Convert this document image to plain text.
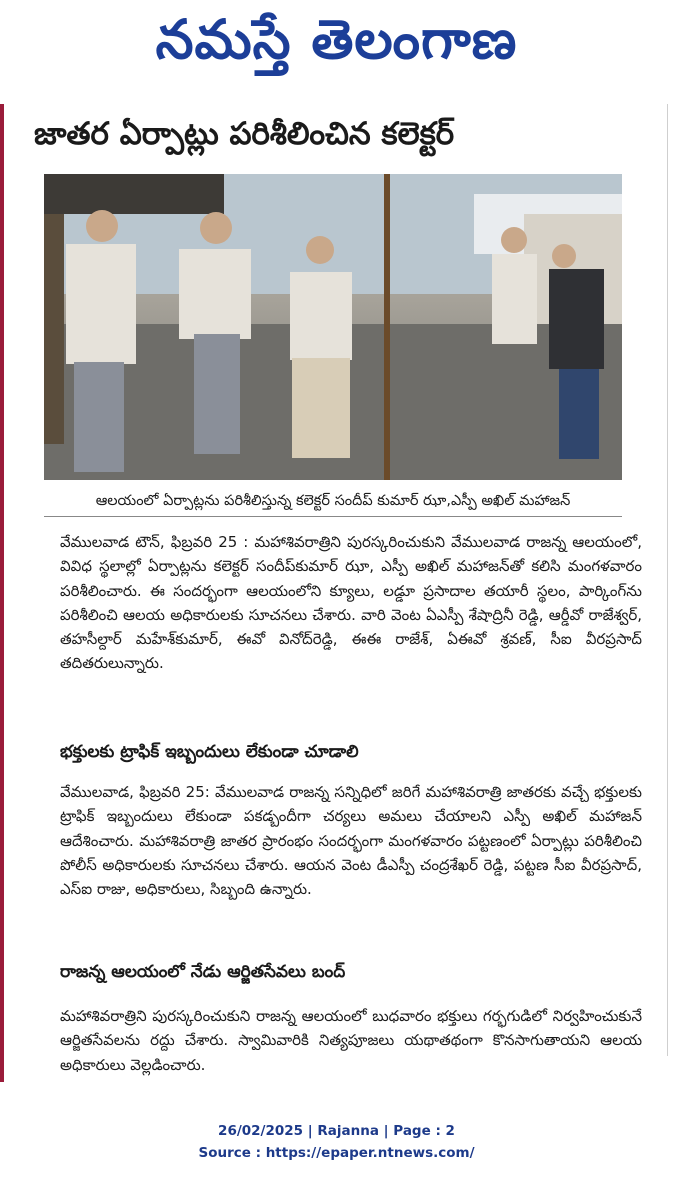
నమస్తే తెలంగాణ
జాతర ఏర్పాట్లు పరిశీలించిన కలెక్టర్
ఆలయంలో ఏర్పాట్లను పరిశీలిస్తున్న కలెక్టర్ సందీప్ కుమార్ ఝా,ఎస్పీ అఖిల్ మహాజన్

వేములవాడ టౌన్, ఫిబ్రవరి 25 : మహాశివరాత్రిని పురస్కరించుకుని వేములవాడ రాజన్న ఆలయంలో, వివిధ స్థలాల్లో ఏర్పాట్లను కలెక్టర్ సందీప్‌కుమార్ ఝా, ఎస్పీ అఖిల్ మహాజన్‌తో కలిసి మంగళవారం పరిశీలించారు. ఈ సందర్భంగా ఆలయంలోని క్యూలు, లడ్డూ ప్రసాదాల తయారీ స్థలం, పార్కింగ్‌ను పరిశీలించి ఆలయ అధికారులకు సూచనలు చేశారు. వారి వెంట ఏఎస్పీ శేషాద్రినీ రెడ్డి, ఆర్డీవో రాజేశ్వర్, తహసీల్దార్ మహేశ్‌కుమార్, ఈవో వినోద్‌రెడ్డి, ఈఈ రాజేశ్, ఏఈవో శ్రవణ్, సీఐ వీరప్రసాద్ తదితరులున్నారు.

భక్తులకు ట్రాఫిక్ ఇబ్బందులు లేకుండా చూడాలి

వేములవాడ, ఫిబ్రవరి 25: వేములవాడ రాజన్న సన్నిధిలో జరిగే మహాశివరాత్రి జాతరకు వచ్చే భక్తులకు ట్రాఫిక్ ఇబ్బందులు లేకుండా పకడ్బందీగా చర్యలు అమలు చేయాలని ఎస్పీ అఖిల్ మహాజన్ ఆదేశించారు. మహాశివరాత్రి జాతర ప్రారంభం సందర్భంగా మంగళవారం పట్టణంలో ఏర్పాట్లు పరిశీలించి పోలీస్ అధికారులకు సూచనలు చేశారు. ఆయన వెంట డీఎస్పీ చంద్రశేఖర్ రెడ్డి, పట్టణ సీఐ వీరప్రసాద్, ఎస్ఐ రాజు, అధికారులు, సిబ్బంది ఉన్నారు.

రాజన్న ఆలయంలో నేడు ఆర్జితసేవలు బంద్

మహాశివరాత్రిని పురస్కరించుకుని రాజన్న ఆలయంలో బుధవారం భక్తులు గర్భగుడిలో నిర్వహించుకునే ఆర్జితసేవలను రద్దు చేశారు. స్వామివారికి నిత్యపూజలు యథాతథంగా కొనసాగుతాయని ఆలయ అధికారులు వెల్లడించారు.

26/02/2025 | Rajanna | Page : 2
Source : https://epaper.ntnews.com/
